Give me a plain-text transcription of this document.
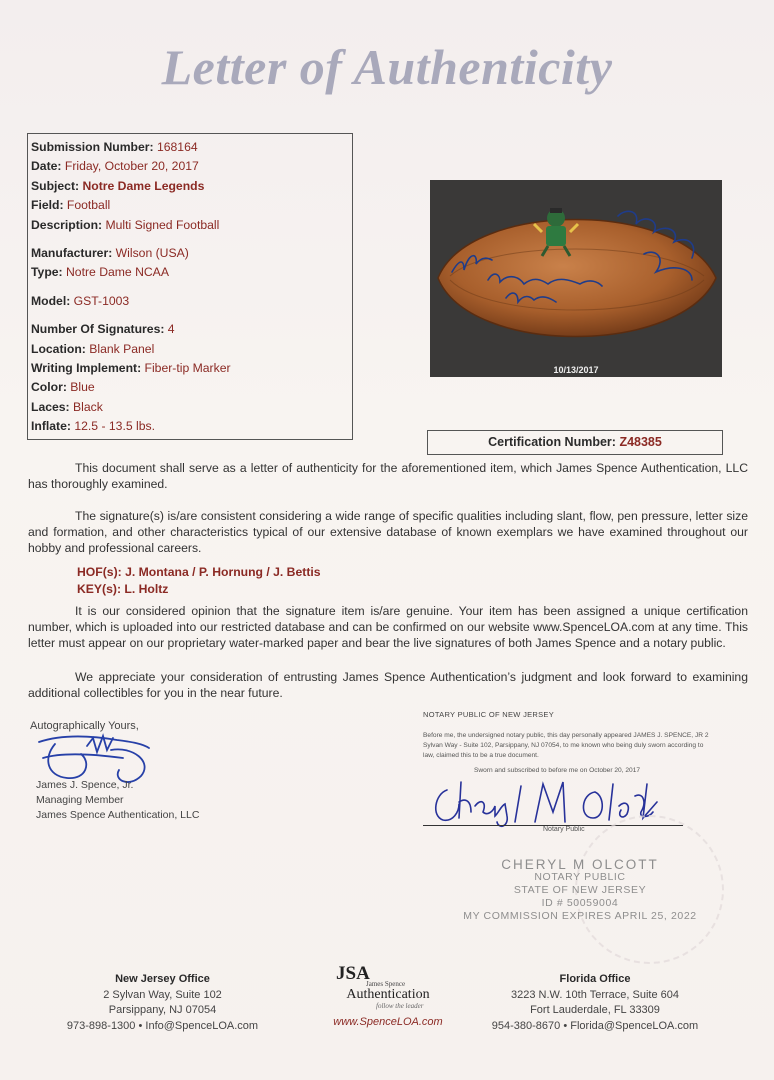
Letter of Authenticity
Submission Number: 168164
Date: Friday, October 20, 2017
Subject: Notre Dame Legends
Field: Football
Description: Multi Signed Football
Manufacturer: Wilson (USA)
Type: Notre Dame NCAA
Model: GST-1003
Number Of Signatures: 4
Location: Blank Panel
Writing Implement: Fiber-tip Marker
Color: Blue
Laces: Black
Inflate: 12.5 - 13.5 lbs.
10/13/2017
Certification Number: Z48385
This document shall serve as a letter of authenticity for the aforementioned item, which James Spence Authentication, LLC has thoroughly examined.
The signature(s) is/are consistent considering a wide range of specific qualities including slant, flow, pen pressure, letter size and formation, and other characteristics typical of our extensive database of known exemplars we have examined throughout our hobby and professional careers.
HOF(s): J. Montana / P. Hornung / J. Bettis
KEY(s): L. Holtz
It is our considered opinion that the signature item is/are genuine. Your item has been assigned a unique certification number, which is uploaded into our restricted database and can be confirmed on our website www.SpenceLOA.com at any time. This letter must appear on our proprietary water-marked paper and bear the live signatures of both James Spence and a notary public.
We appreciate your consideration of entrusting James Spence Authentication’s judgment and look forward to examining additional collectibles for you in the near future.
Autographically Yours,
James J. Spence, Jr.
Managing Member
James Spence Authentication, LLC
NOTARY PUBLIC OF NEW JERSEY
Before me, the undersigned notary public, this day personally appeared JAMES J. SPENCE, JR 2 Sylvan Way - Suite 102, Parsippany, NJ 07054, to me known who being duly sworn according to law, claimed this to be a true document.
Sworn and subscribed to before me on October 20, 2017
Notary Public
CHERYL M OLCOTT
NOTARY PUBLIC
STATE OF NEW JERSEY
ID # 50059004
MY COMMISSION EXPIRES APRIL 25, 2022
New Jersey Office
2 Sylvan Way, Suite 102
Parsippany, NJ 07054
973-898-1300 • Info@SpenceLOA.com
JSA
James Spence
Authentication
follow the leader
www.SpenceLOA.com
Florida Office
3223 N.W. 10th Terrace, Suite 604
Fort Lauderdale, FL 33309
954-380-8670 • Florida@SpenceLOA.com
